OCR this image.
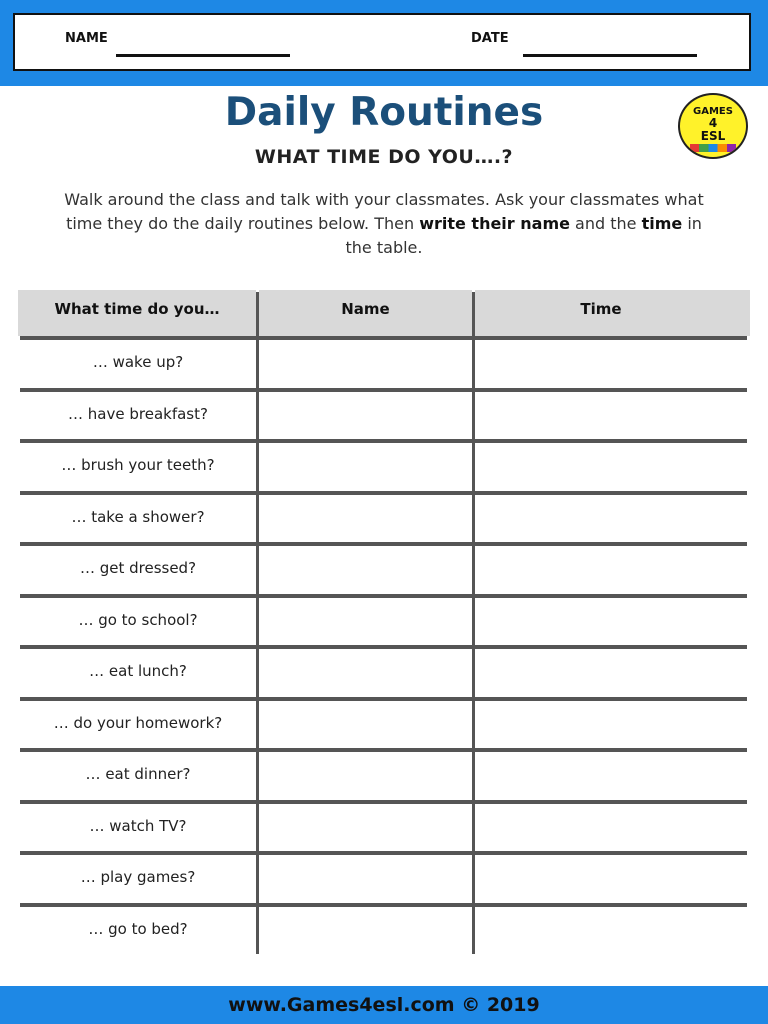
NAME	DATE
Daily Routines
WHAT TIME DO YOU….?
GAMES
4
ESL
Walk around the class and talk with your classmates. Ask your classmates what time they do the daily routines below. Then write their name and the time in the table.
What time do you…	Name	Time
… wake up?
… have breakfast?
… brush your teeth?
… take a shower?
… get dressed?
… go to school?
… eat lunch?
… do your homework?
… eat dinner?
… watch TV?
… play games?
… go to bed?
www.Games4esl.com © 2019
